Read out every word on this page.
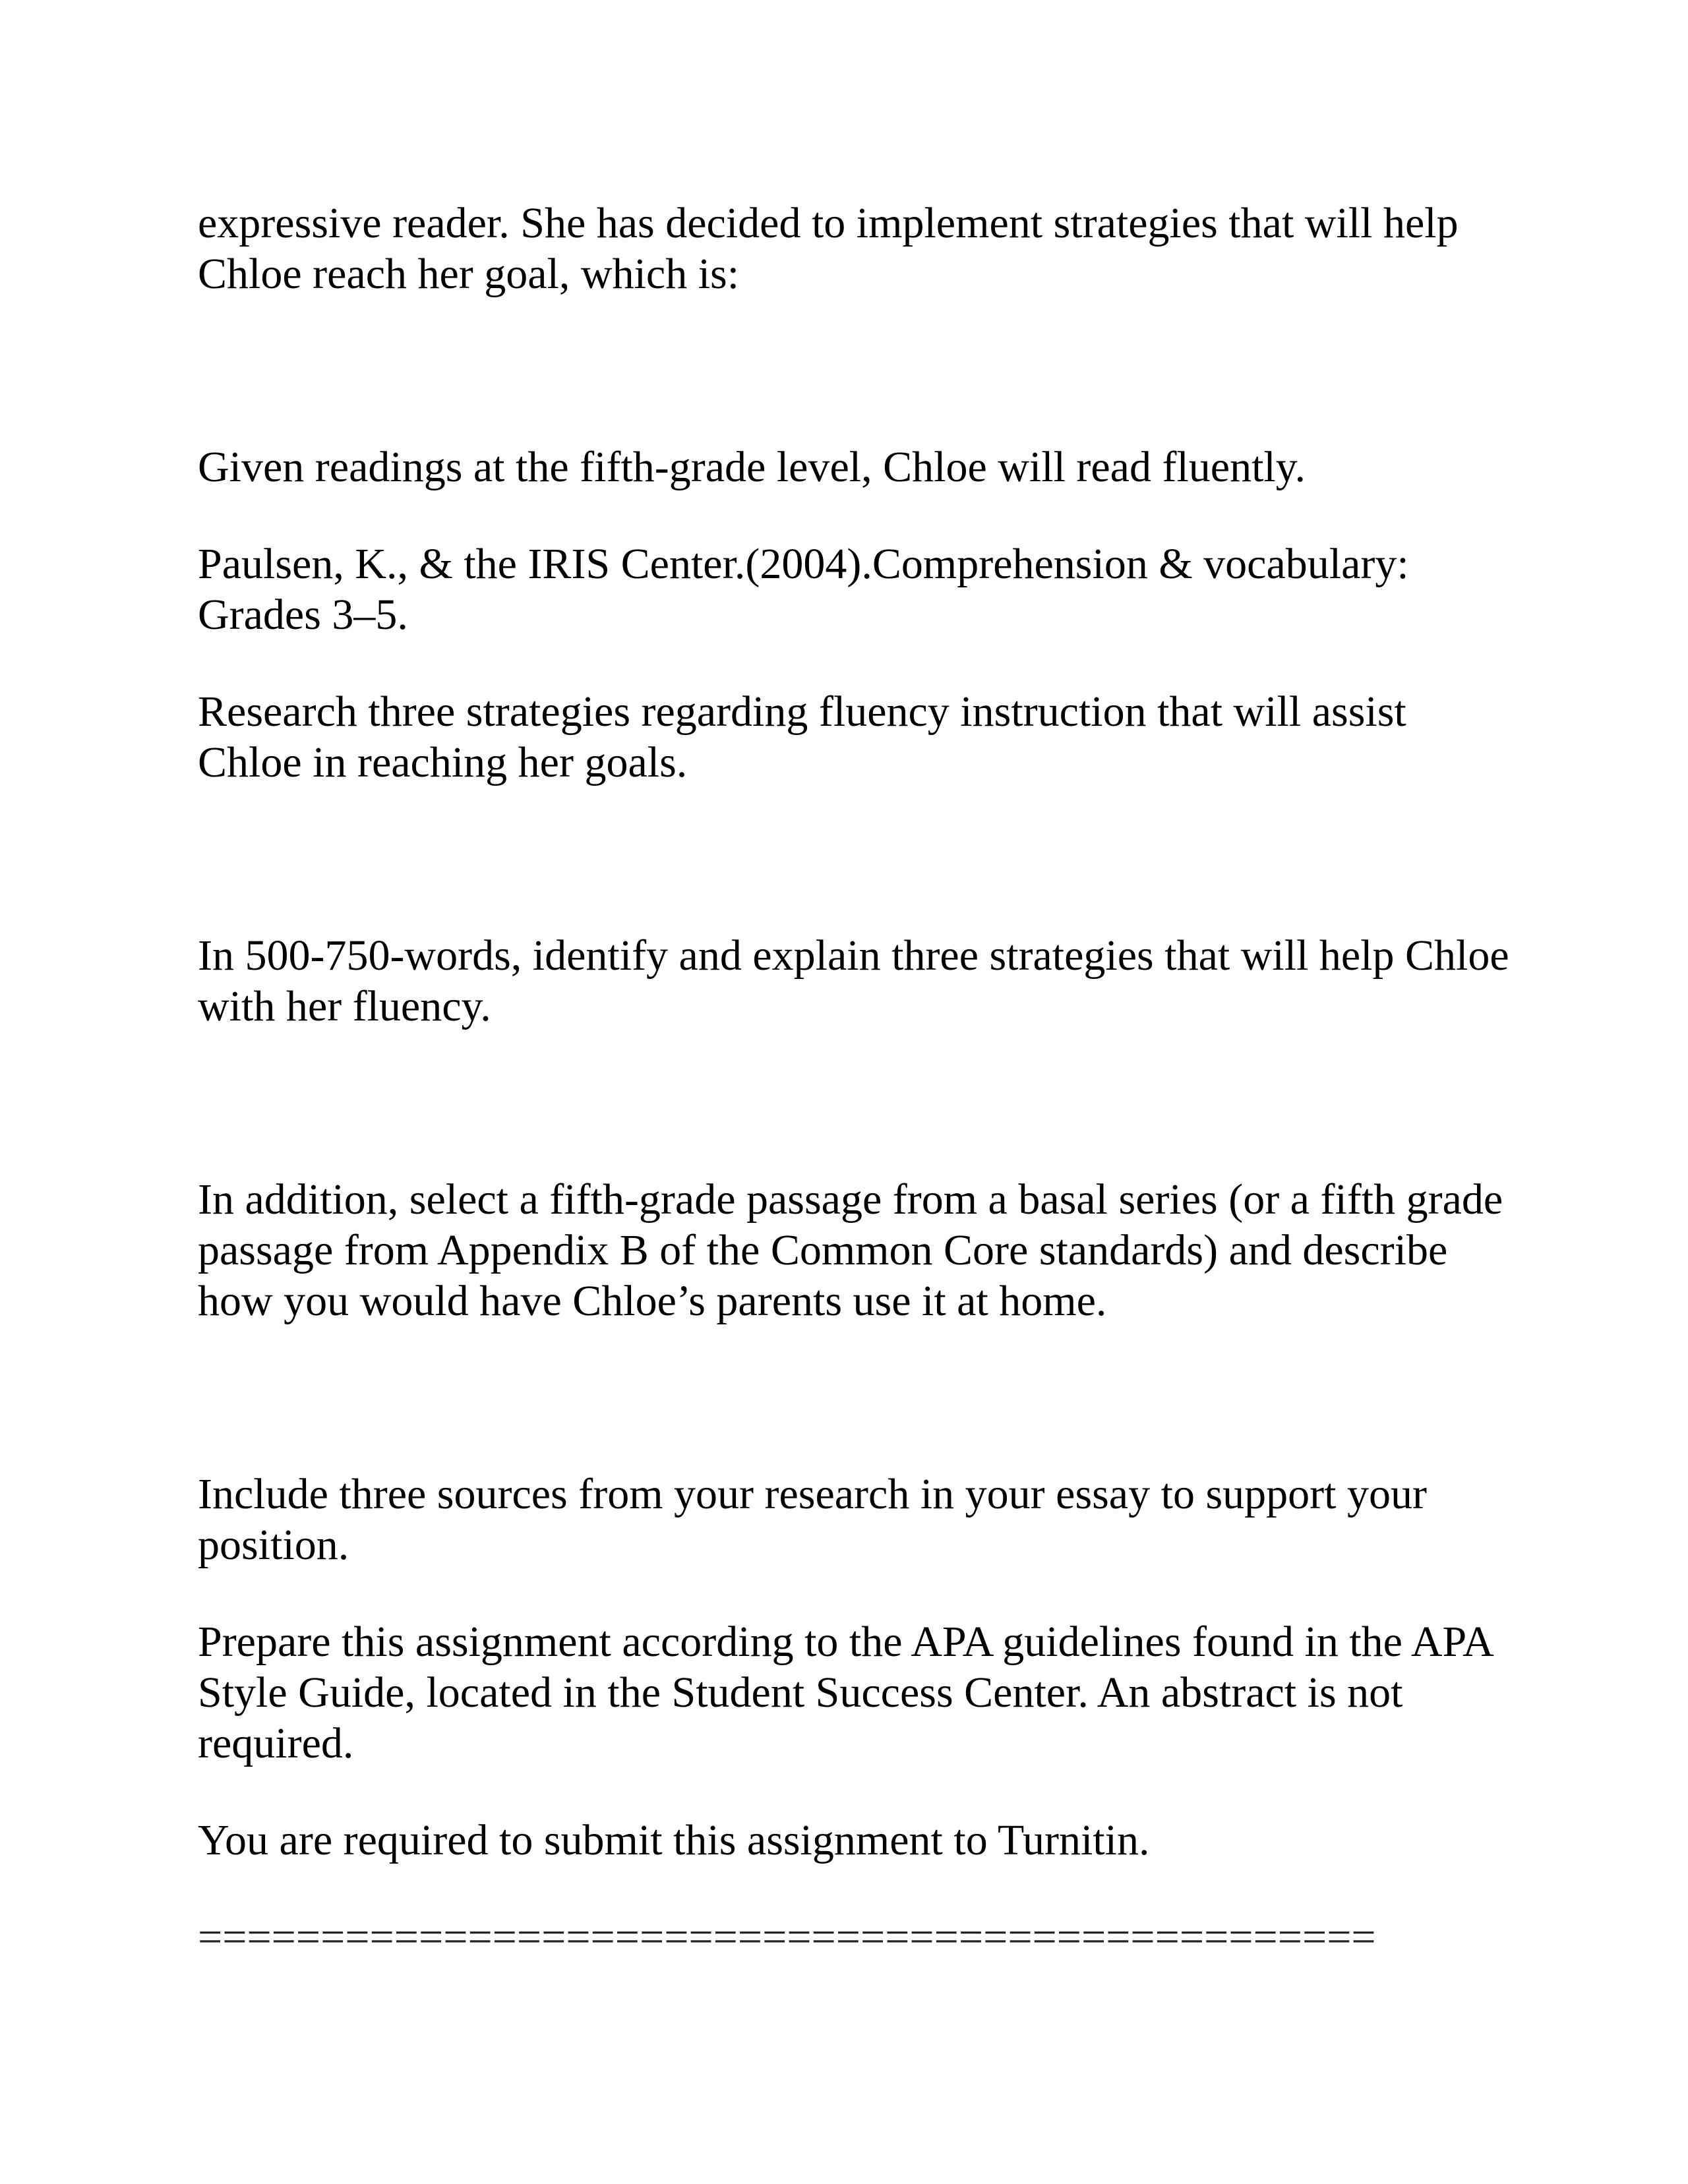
expressive reader. She has decided to implement strategies that will help Chloe reach her goal, which is:

Given readings at the fifth-grade level, Chloe will read fluently.

Paulsen, K., & the IRIS Center.(2004).Comprehension & vocabulary: Grades 3–5.

Research three strategies regarding fluency instruction that will assist Chloe in reaching her goals.

In 500-750-words, identify and explain three strategies that will help Chloe with her fluency.

In addition, select a fifth-grade passage from a basal series (or a fifth grade passage from Appendix B of the Common Core standards) and describe how you would have Chloe’s parents use it at home.

Include three sources from your research in your essay to support your position.

Prepare this assignment according to the APA guidelines found in the APA Style Guide, located in the Student Success Center. An abstract is not required.

You are required to submit this assignment to Turnitin.

================================================
